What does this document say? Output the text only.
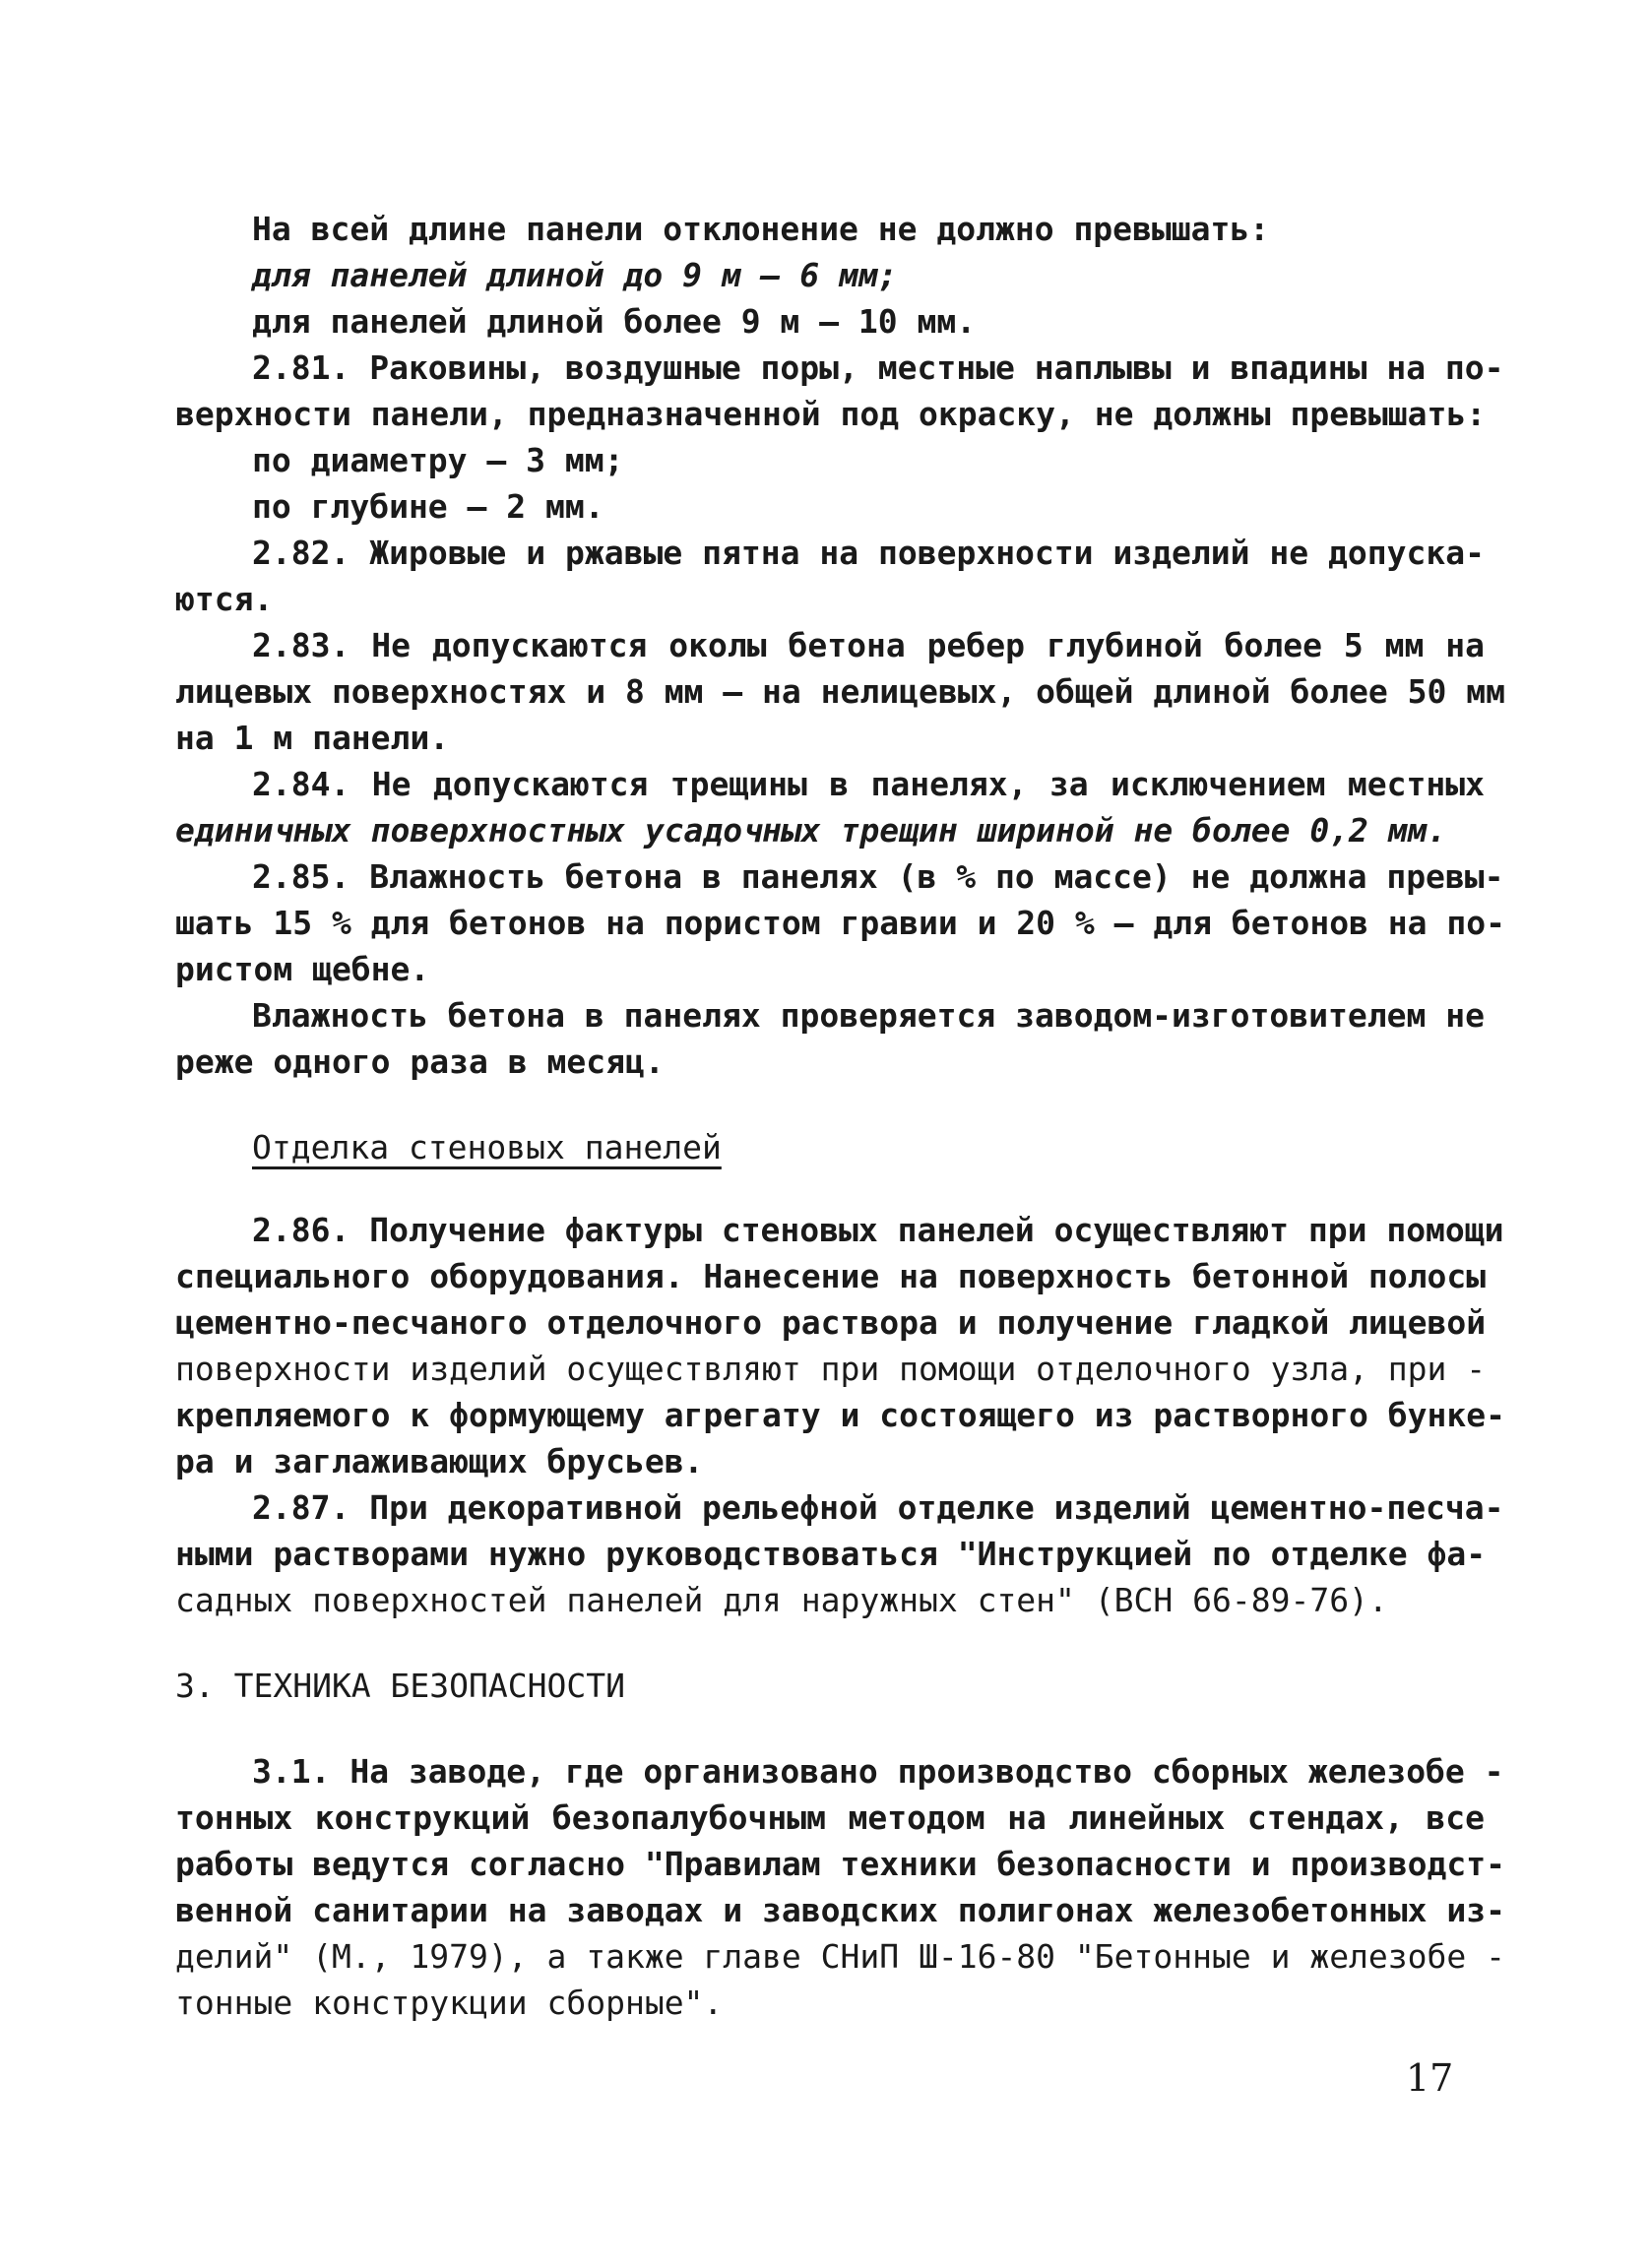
На всей длине панели отклонение не должно превышать:
для панелей длиной до 9 м – 6 мм;
для панелей длиной более 9 м – 10 мм.
2.81. Раковины, воздушные поры, местные наплывы и впадины на по-
верхности панели, предназначенной под окраску, не должны превышать:
по диаметру – 3 мм;
по глубине – 2 мм.
2.82. Жировые и ржавые пятна на поверхности изделий не допуска-
ются.
2.83. Не допускаются околы бетона ребер глубиной более 5 мм на
лицевых поверхностях и 8 мм – на нелицевых, общей длиной более 50 мм
на 1 м панели.
2.84. Не допускаются трещины в панелях, за исключением местных
единичных поверхностных усадочных трещин шириной не более 0,2 мм.
2.85. Влажность бетона в панелях (в % по массе) не должна превы-
шать 15 % для бетонов на пористом гравии и 20 % – для бетонов на по-
ристом щебне.
Влажность бетона в панелях проверяется заводом-изготовителем не
реже одного раза в месяц.
Отделка стеновых панелей
2.86. Получение фактуры стеновых панелей осуществляют при помощи
специального оборудования. Нанесение на поверхность бетонной полосы
цементно-песчаного отделочного раствора и получение гладкой лицевой
поверхности изделий осуществляют при помощи отделочного узла, при -
крепляемого к формующему агрегату и состоящего из растворного бунке-
ра и заглаживающих брусьев.
2.87. При декоративной рельефной отделке изделий цементно-песча-
ными растворами нужно руководствоваться "Инструкцией по отделке фа-
садных поверхностей панелей для наружных стен" (ВСН 66-89-76).
3. ТЕХНИКА БЕЗОПАСНОСТИ
3.1. На заводе, где организовано производство сборных железобе -
тонных конструкций безопалубочным методом на линейных стендах, все
работы ведутся согласно "Правилам техники безопасности и производст-
венной санитарии на заводах и заводских полигонах железобетонных из-
делий" (М., 1979), а также главе СНиП Ш-16-80 "Бетонные и железобе -
тонные конструкции сборные".
17
